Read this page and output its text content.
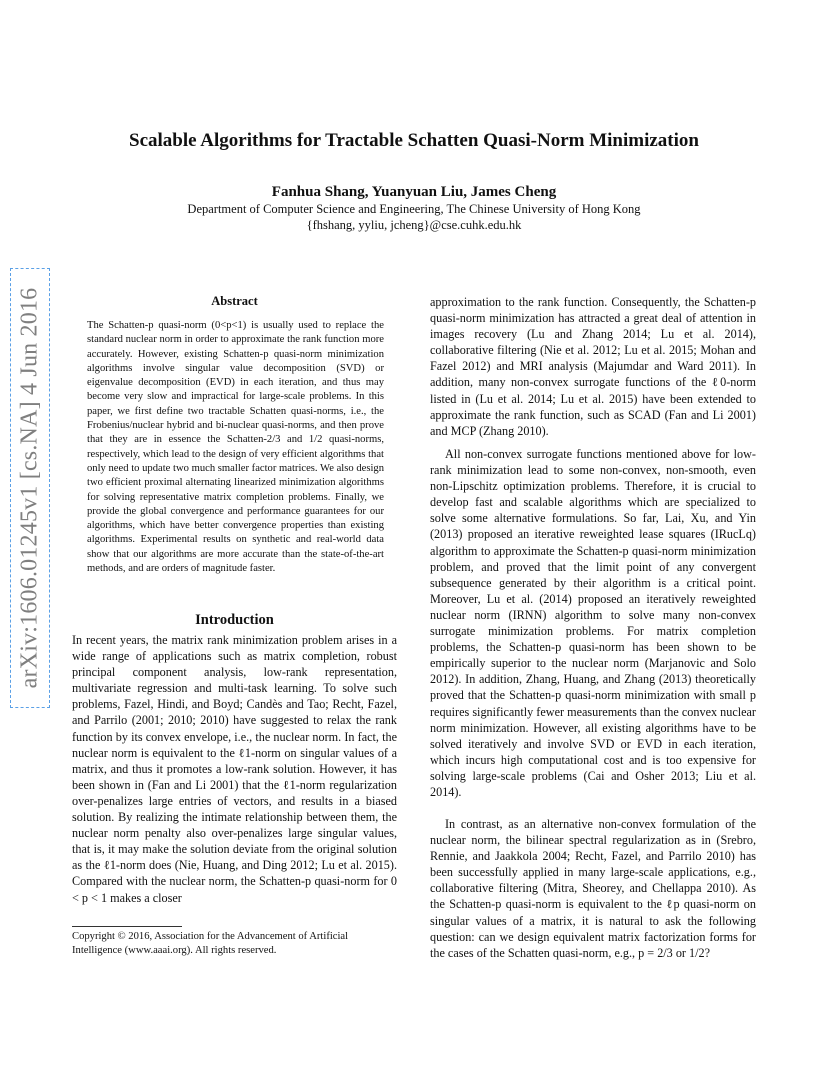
arXiv:1606.01245v1 [cs.NA] 4 Jun 2016
Scalable Algorithms for Tractable Schatten Quasi-Norm Minimization

Fanhua Shang, Yuanyuan Liu, James Cheng

Department of Computer Science and Engineering, The Chinese University of Hong Kong

{fhshang, yyliu, jcheng}@cse.cuhk.edu.hk

Abstract

The Schatten-p quasi-norm (0<p<1) is usually used to replace the standard nuclear norm in order to approximate the rank function more accurately. However, existing Schatten-p quasi-norm minimization algorithms involve singular value decomposition (SVD) or eigenvalue decomposition (EVD) in each iteration, and thus may become very slow and impractical for large-scale problems. In this paper, we first define two tractable Schatten quasi-norms, i.e., the Frobenius/nuclear hybrid and bi-nuclear quasi-norms, and then prove that they are in essence the Schatten-2/3 and 1/2 quasi-norms, respectively, which lead to the design of very efficient algorithms that only need to update two much smaller factor matrices. We also design two efficient proximal alternating linearized minimization algorithms for solving representative matrix completion problems. Finally, we provide the global convergence and performance guarantees for our algorithms, which have better convergence properties than existing algorithms. Experimental results on synthetic and real-world data show that our algorithms are more accurate than the state-of-the-art methods, and are orders of magnitude faster.

Introduction

In recent years, the matrix rank minimization problem arises in a wide range of applications such as matrix completion, robust principal component analysis, low-rank representation, multivariate regression and multi-task learning. To solve such problems, Fazel, Hindi, and Boyd; Candès and Tao; Recht, Fazel, and Parrilo (2001; 2010; 2010) have suggested to relax the rank function by its convex envelope, i.e., the nuclear norm. In fact, the nuclear norm is equivalent to the ℓ1-norm on singular values of a matrix, and thus it promotes a low-rank solution. However, it has been shown in (Fan and Li 2001) that the ℓ1-norm regularization over-penalizes large entries of vectors, and results in a biased solution. By realizing the intimate relationship between them, the nuclear norm penalty also over-penalizes large singular values, that is, it may make the solution deviate from the original solution as the ℓ1-norm does (Nie, Huang, and Ding 2012; Lu et al. 2015). Compared with the nuclear norm, the Schatten-p quasi-norm for 0 < p < 1 makes a closer

approximation to the rank function. Consequently, the Schatten-p quasi-norm minimization has attracted a great deal of attention in images recovery (Lu and Zhang 2014; Lu et al. 2014), collaborative filtering (Nie et al. 2012; Lu et al. 2015; Mohan and Fazel 2012) and MRI analysis (Majumdar and Ward 2011). In addition, many non-convex surrogate functions of the ℓ0-norm listed in (Lu et al. 2014; Lu et al. 2015) have been extended to approximate the rank function, such as SCAD (Fan and Li 2001) and MCP (Zhang 2010).

All non-convex surrogate functions mentioned above for low-rank minimization lead to some non-convex, non-smooth, even non-Lipschitz optimization problems. Therefore, it is crucial to develop fast and scalable algorithms which are specialized to solve some alternative formulations. So far, Lai, Xu, and Yin (2013) proposed an iterative reweighted lease squares (IRucLq) algorithm to approximate the Schatten-p quasi-norm minimization problem, and proved that the limit point of any convergent subsequence generated by their algorithm is a critical point. Moreover, Lu et al. (2014) proposed an iteratively reweighted nuclear norm (IRNN) algorithm to solve many non-convex surrogate minimization problems. For matrix completion problems, the Schatten-p quasi-norm has been shown to be empirically superior to the nuclear norm (Marjanovic and Solo 2012). In addition, Zhang, Huang, and Zhang (2013) theoretically proved that the Schatten-p quasi-norm minimization with small p requires significantly fewer measurements than the convex nuclear norm minimization. However, all existing algorithms have to be solved iteratively and involve SVD or EVD in each iteration, which incurs high computational cost and is too expensive for solving large-scale problems (Cai and Osher 2013; Liu et al. 2014).

In contrast, as an alternative non-convex formulation of the nuclear norm, the bilinear spectral regularization as in (Srebro, Rennie, and Jaakkola 2004; Recht, Fazel, and Parrilo 2010) has been successfully applied in many large-scale applications, e.g., collaborative filtering (Mitra, Sheorey, and Chellappa 2010). As the Schatten-p quasi-norm is equivalent to the ℓp quasi-norm on singular values of a matrix, it is natural to ask the following question: can we design equivalent matrix factorization forms for the cases of the Schatten quasi-norm, e.g., p = 2/3 or 1/2?

Copyright © 2016, Association for the Advancement of Artificial Intelligence (www.aaai.org). All rights reserved.
